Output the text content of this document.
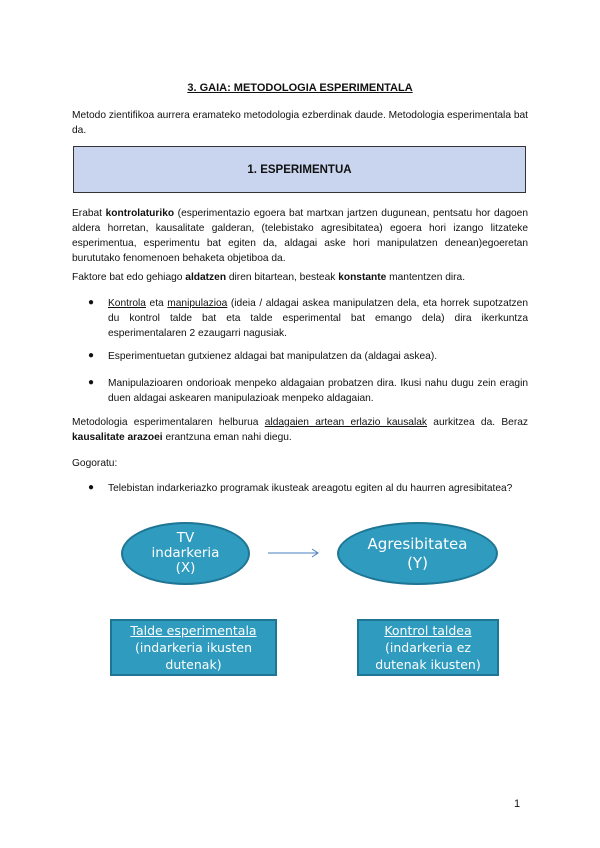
3. GAIA: METODOLOGIA ESPERIMENTALA
Metodo zientifikoa aurrera eramateko metodologia ezberdinak daude. Metodologia esperimentala bat da.
1. ESPERIMENTUA
Erabat kontrolaturiko (esperimentazio egoera bat martxan jartzen dugunean, pentsatu hor dagoen aldera horretan, kausalitate galderan, (telebistako agresibitatea) egoera hori izango litzateke esperimentua, esperimentu bat egiten da, aldagai aske hori manipulatzen denean)egoeretan burututako fenomenoen behaketa objetiboa da.
Faktore bat edo gehiago aldatzen diren bitartean, besteak konstante mantentzen dira.
● Kontrola eta manipulazioa (ideia / aldagai askea manipulatzen dela, eta horrek supotzatzen du kontrol talde bat eta talde esperimental bat emango dela) dira ikerkuntza esperimentalaren 2 ezaugarri nagusiak.
● Esperimentuetan gutxienez aldagai bat manipulatzen da (aldagai askea).
● Manipulazioaren ondorioak menpeko aldagaian probatzen dira. Ikusi nahu dugu zein eragin duen aldagai askearen manipulazioak menpeko aldagaian.
Metodologia esperimentalaren helburua aldagaien artean erlazio kausalak aurkitzea da. Beraz kausalitate arazoei erantzuna eman nahi diegu.
Gogoratu:
● Telebistan indarkeriazko programak ikusteak areagotu egiten al du haurren agresibitatea?
TV
indarkeria
(X)
Agresibitatea
(Y)
Talde esperimentala
(indarkeria ikusten
dutenak)
Kontrol taldea
(indarkeria ez
dutenak ikusten)
1
